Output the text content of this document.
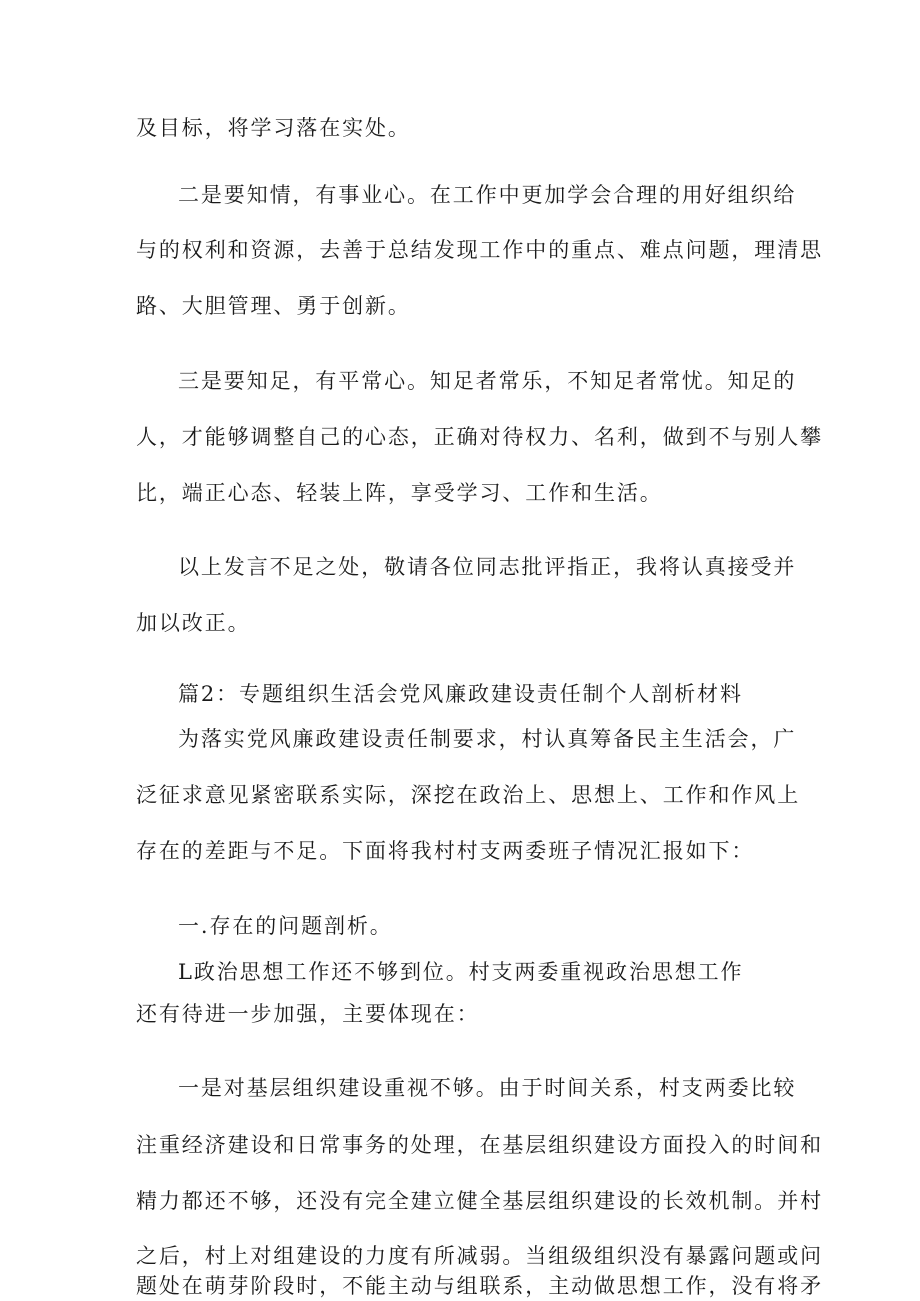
及目标，将学习落在实处。
二是要知情，有事业心。在工作中更加学会合理的用好组织给
与的权利和资源，去善于总结发现工作中的重点、难点问题，理清思
路、大胆管理、勇于创新。
三是要知足，有平常心。知足者常乐，不知足者常忧。知足的
人，才能够调整自己的心态，正确对待权力、名利，做到不与别人攀
比，端正心态、轻装上阵，享受学习、工作和生活。
以上发言不足之处，敬请各位同志批评指正，我将认真接受并
加以改正。
篇2：专题组织生活会党风廉政建设责任制个人剖析材料
为落实党风廉政建设责任制要求，村认真筹备民主生活会，广
泛征求意见紧密联系实际，深挖在政治上、思想上、工作和作风上
存在的差距与不足。下面将我村村支两委班子情况汇报如下：
一.存在的问题剖析。
L政治思想工作还不够到位。村支两委重视政治思想工作
还有待进一步加强，主要体现在：
一是对基层组织建设重视不够。由于时间关系，村支两委比较
注重经济建设和日常事务的处理，在基层组织建设方面投入的时间和
精力都还不够，还没有完全建立健全基层组织建设的长效机制。并村
之后，村上对组建设的力度有所减弱。当组级组织没有暴露问题或问
题处在萌芽阶段时，不能主动与组联系，主动做思想工作，没有将矛
